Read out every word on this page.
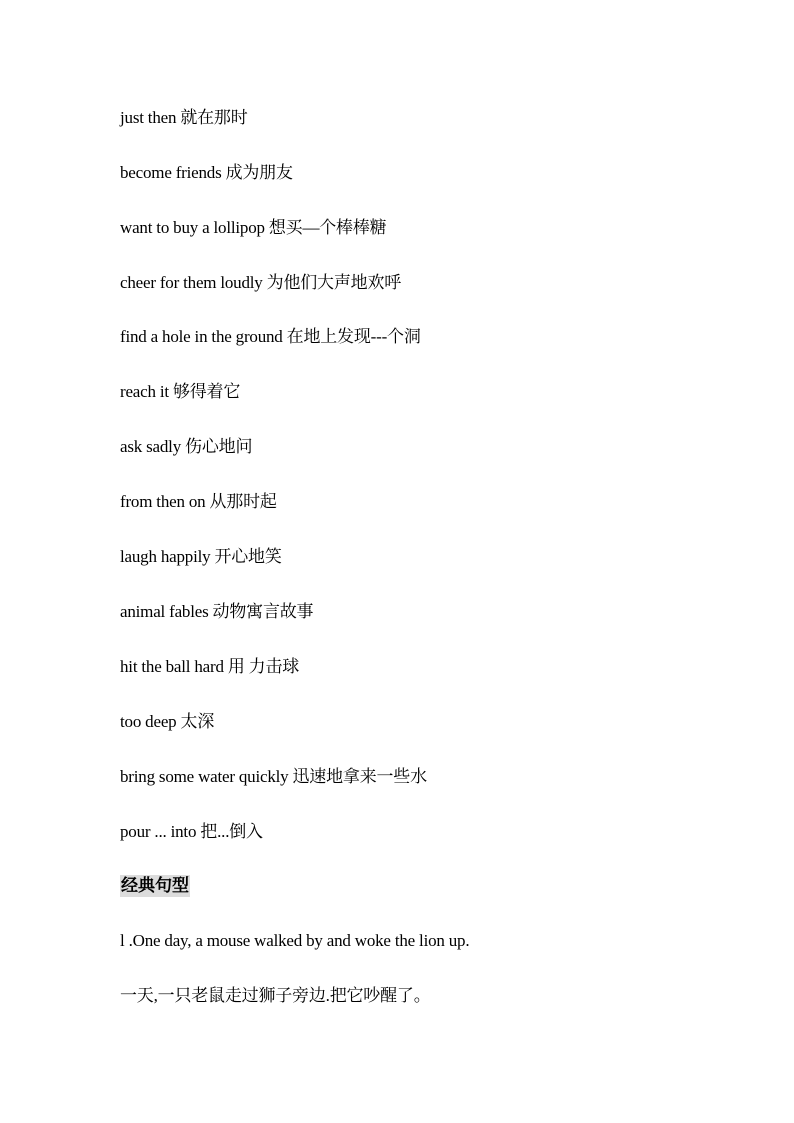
just then 就在那时
become friends 成为朋友
want to buy a lollipop 想买—个棒棒糖
cheer for them loudly 为他们大声地欢呼
find a hole in the ground 在地上发现---个洞
reach it 够得着它
ask sadly 伤心地问
from then on 从那时起
laugh happily 开心地笑
animal fables 动物寓言故事
hit the ball hard 用 力击球
too deep 太深
bring some water quickly 迅速地拿来一些水
pour ... into 把...倒入
经典句型
l .One day, a mouse walked by and woke the lion up.
一天,一只老鼠走过狮子旁边.把它吵醒了。
